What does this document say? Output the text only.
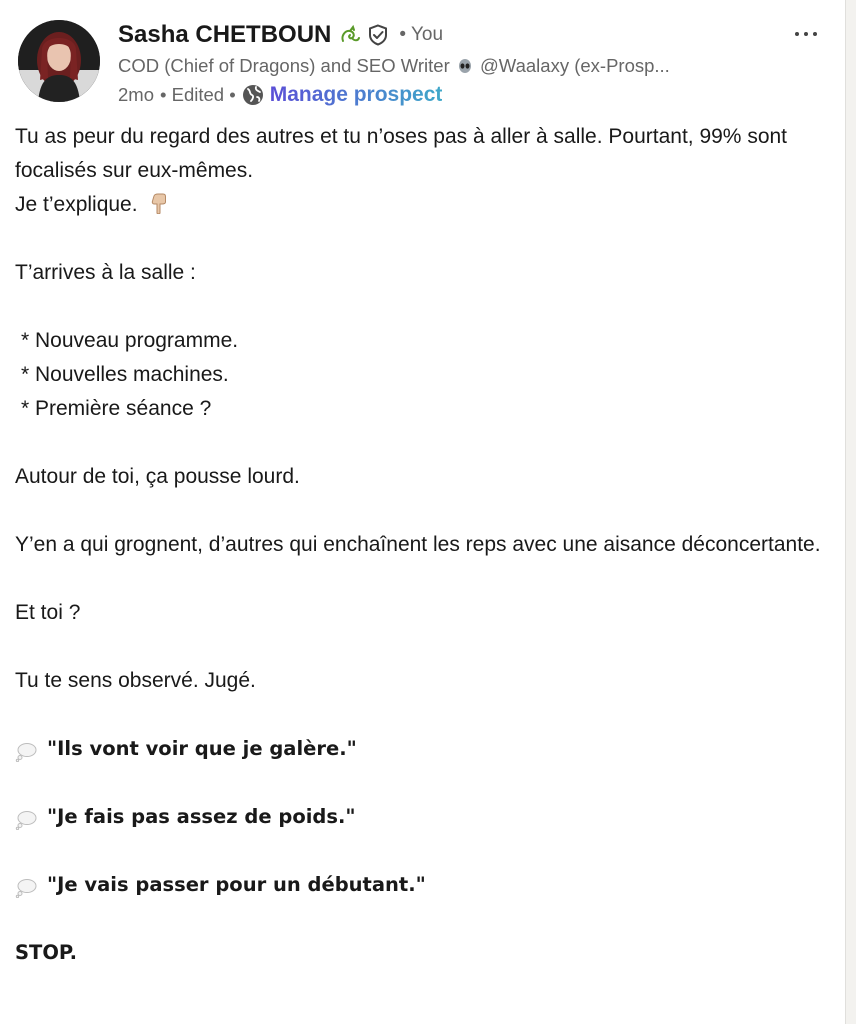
Sasha CHETBOUN	• You
COD (Chief of Dragons) and SEO Writer @Waalaxy (ex-Prosp...
2mo • Edited • Manage prospect

Tu as peur du regard des autres et tu n’oses pas à aller à salle. Pourtant, 99% sont focalisés sur eux-mêmes.

Je t’explique.

T’arrives à la salle :

* Nouveau programme.

* Nouvelles machines.

* Première séance ?

Autour de toi, ça pousse lourd.

Y’en a qui grognent, d’autres qui enchaînent les reps avec une aisance déconcertante.

Et toi ?

Tu te sens observé. Jugé.

"Ils vont voir que je galère."

"Je fais pas assez de poids."

"Je vais passer pour un débutant."

STOP.
